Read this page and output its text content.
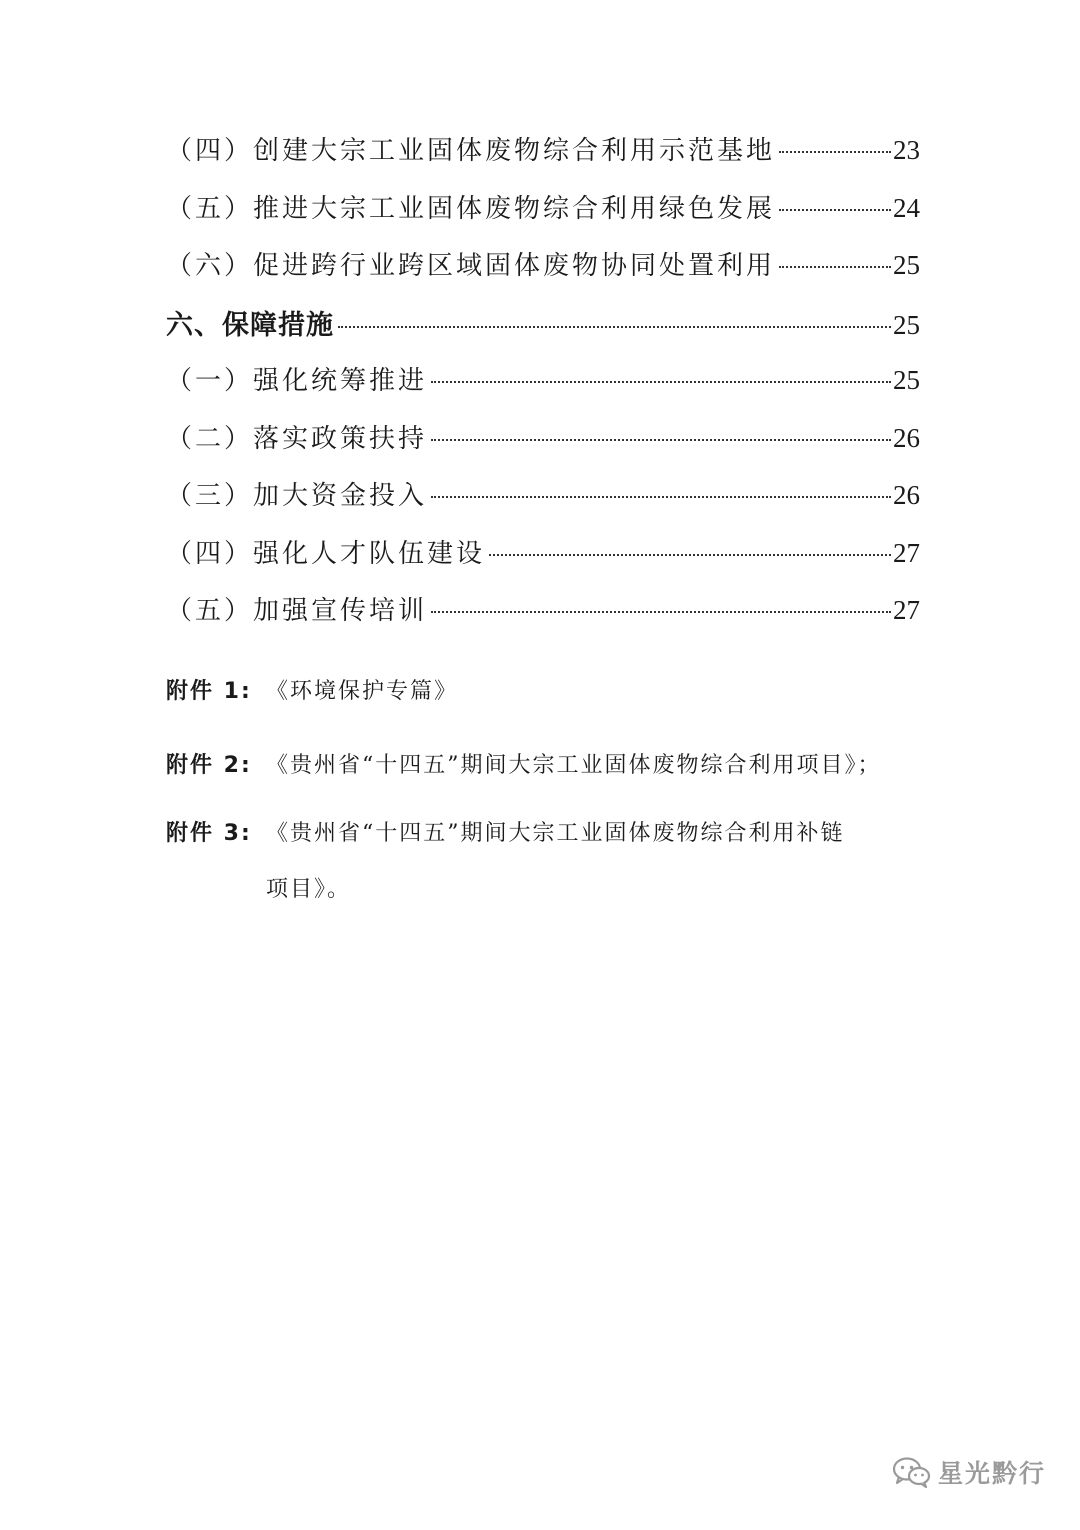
（四）创建大宗工业固体废物综合利用示范基地	23
（五）推进大宗工业固体废物综合利用绿色发展	24
（六）促进跨行业跨区域固体废物协同处置利用	25
六、保障措施	25
（一）强化统筹推进	25
（二）落实政策扶持	26
（三）加大资金投入	26
（四）强化人才队伍建设	27
（五）加强宣传培训	27
附件 1: 《环境保护专篇》
附件 2: 《贵州省“十四五”期间大宗工业固体废物综合利用项目》；
附件 3: 《贵州省“十四五”期间大宗工业固体废物综合利用补链
项目》。
星光黔行
